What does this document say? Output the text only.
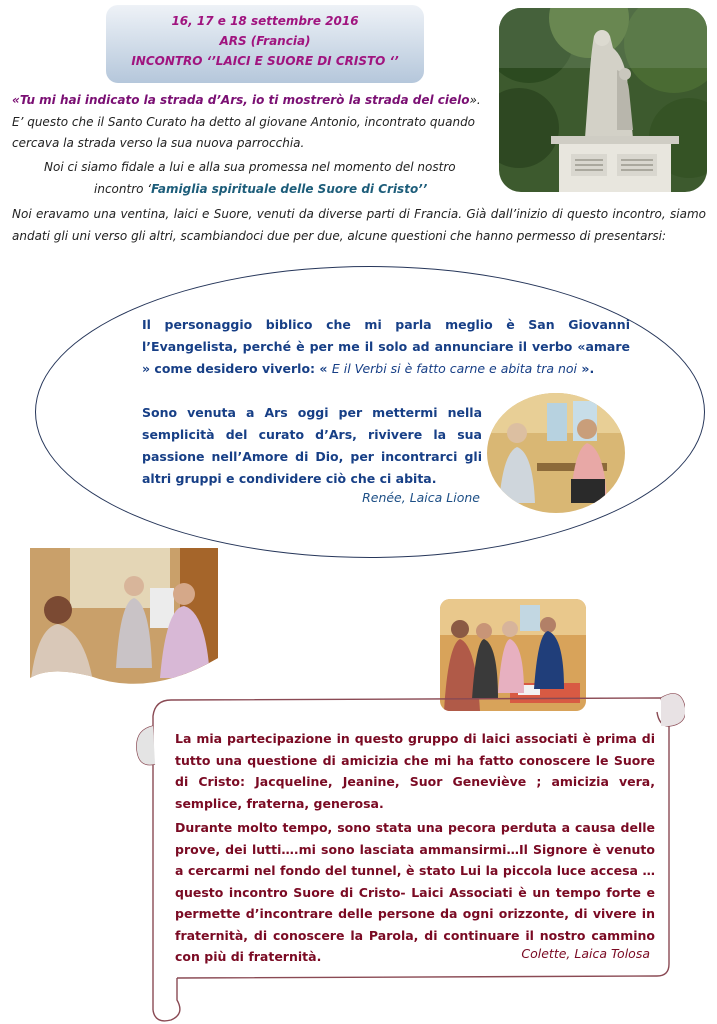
16, 17 e 18 settembre 2016
ARS (Francia)
INCONTRO ‘’LAICI E SUORE DI CRISTO ‘’
«Tu mi hai indicato la strada d’Ars, io ti mostrerò la strada del cielo».
E’ questo che il Santo Curato ha detto al giovane Antonio, incontrato quando
cercava la strada verso la sua nuova parrocchia.
Noi ci siamo fidale a lui e alla sua promessa nel momento del nostro
incontro ‘Famiglia spirituale delle Suore di Cristo’’
Noi eravamo una ventina, laici e Suore, venuti da diverse parti di Francia. Già dall’inizio di questo incontro, siamo andati gli uni verso gli altri, scambiandoci due per due, alcune questioni che hanno permesso di presentarsi:
Il personaggio biblico che mi parla meglio è San Giovanni l’Evangelista, perché è per me il solo ad annunciare il verbo «amare » come desidero viverlo: « E il Verbi si è fatto carne e abita tra noi ».
Sono venuta a Ars oggi per mettermi nella semplicità del curato d’Ars, rivivere la sua passione nell’Amore di Dio, per incontrarci gli altri gruppi e condividere ciò che ci abita.
Renée, Laica Lione
La mia partecipazione in questo gruppo di laici associati è prima di tutto una questione di amicizia che mi ha fatto conoscere le Suore di Cristo: Jacqueline, Jeanine, Suor Geneviève ; amicizia vera, semplice, fraterna, generosa.
Durante molto tempo, sono stata una pecora perduta a causa delle prove, dei lutti….mi sono lasciata ammansirmi…Il Signore è venuto a cercarmi nel fondo del tunnel, è stato Lui la piccola luce accesa …questo incontro Suore di Cristo- Laici Associati è un tempo forte e permette d’incontrare delle persone da ogni orizzonte, di vivere in fraternità, di conoscere la Parola, di continuare il nostro cammino con più di fraternità.	Colette, Laica Tolosa
